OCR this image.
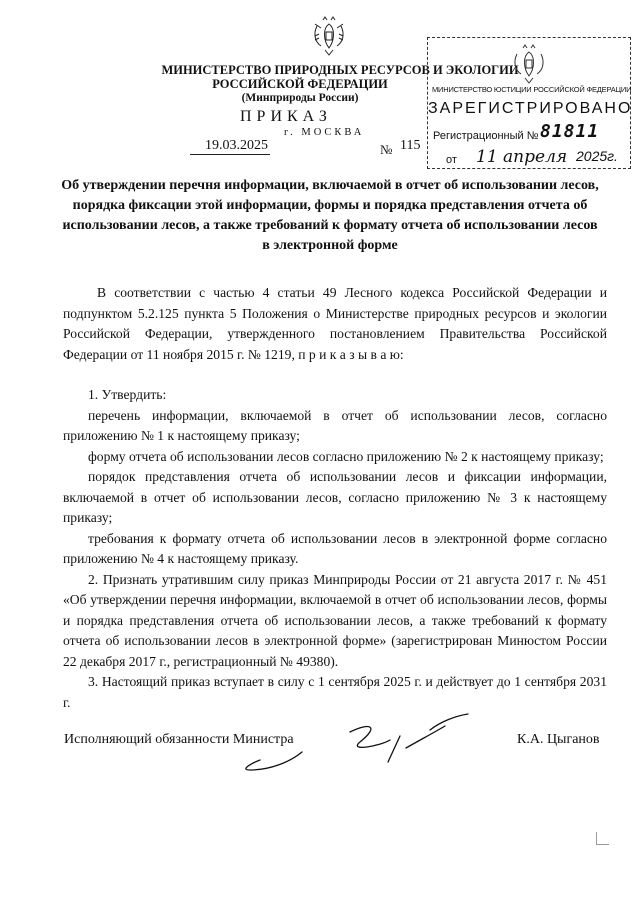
МИНИСТЕРСТВО ПРИРОДНЫХ РЕСУРСОВ И ЭКОЛОГИИ
РОССИЙСКОЙ ФЕДЕРАЦИИ
(Минприроды России)
ПРИКАЗ
г. МОСКВА
19.03.2025	№ 115
МИНИСТЕРСТВО ЮСТИЦИИ РОССИЙСКОЙ ФЕДЕРАЦИИ
ЗАРЕГИСТРИРОВАНО
Регистрационный № 81811
от 11 апреля 2025г.
Об утверждении перечня информации, включаемой в отчет об использовании лесов, порядка фиксации этой информации, формы и порядка представления отчета об использовании лесов, а также требований к формату отчета об использовании лесов в электронной форме

В соответствии с частью 4 статьи 49 Лесного кодекса Российской Федерации и подпунктом 5.2.125 пункта 5 Положения о Министерстве природных ресурсов и экологии Российской Федерации, утвержденного постановлением Правительства Российской Федерации от 11 ноября 2015 г. № 1219, п р и к а з ы в а ю:

1. Утвердить:

перечень информации, включаемой в отчет об использовании лесов, согласно приложению № 1 к настоящему приказу;

форму отчета об использовании лесов согласно приложению № 2 к настоящему приказу;

порядок представления отчета об использовании лесов и фиксации информации, включаемой в отчет об использовании лесов, согласно приложению № 3 к настоящему приказу;

требования к формату отчета об использовании лесов в электронной форме согласно приложению № 4 к настоящему приказу.

2. Признать утратившим силу приказ Минприроды России от 21 августа 2017 г. № 451 «Об утверждении перечня информации, включаемой в отчет об использовании лесов, формы и порядка представления отчета об использовании лесов, а также требований к формату отчета об использовании лесов в электронной форме» (зарегистрирован Минюстом России 22 декабря 2017 г., регистрационный № 49380).

3. Настоящий приказ вступает в силу с 1 сентября 2025 г. и действует до 1 сентября 2031 г.

Исполняющий обязанности Министра	К.А. Цыганов
